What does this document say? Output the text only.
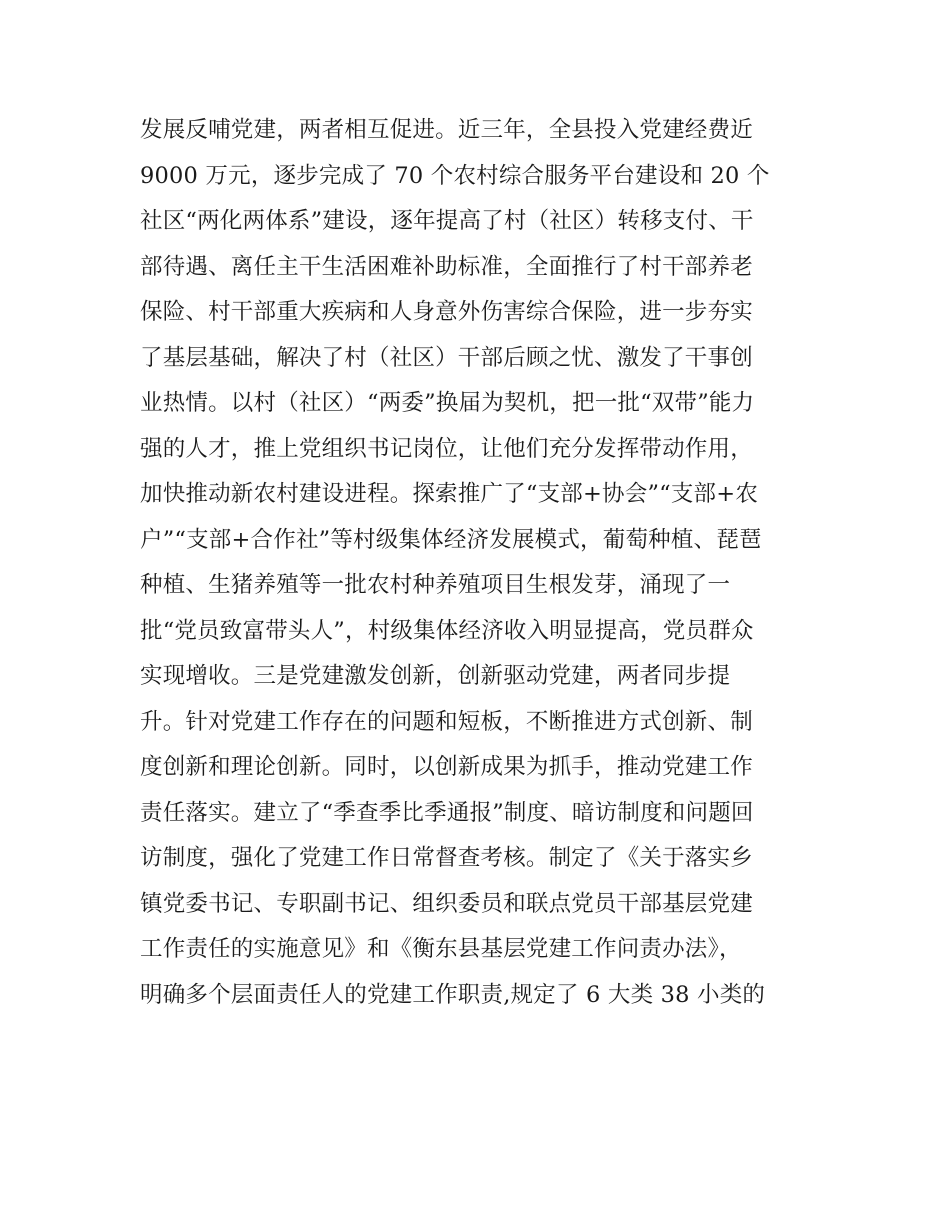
发展反哺党建，两者相互促进。近三年，全县投入党建经费近
9000 万元，逐步完成了 70 个农村综合服务平台建设和 20 个
社区“两化两体系”建设，逐年提高了村（社区）转移支付、干
部待遇、离任主干生活困难补助标准，全面推行了村干部养老
保险、村干部重大疾病和人身意外伤害综合保险，进一步夯实
了基层基础，解决了村（社区）干部后顾之忧、激发了干事创
业热情。以村（社区）“两委”换届为契机，把一批“双带”能力
强的人才，推上党组织书记岗位，让他们充分发挥带动作用，
加快推动新农村建设进程。探索推广了“支部+协会”“支部+农
户”“支部+合作社”等村级集体经济发展模式，葡萄种植、琵琶
种植、生猪养殖等一批农村种养殖项目生根发芽，涌现了一
批“党员致富带头人”，村级集体经济收入明显提高，党员群众
实现增收。三是党建激发创新，创新驱动党建，两者同步提
升。针对党建工作存在的问题和短板，不断推进方式创新、制
度创新和理论创新。同时，以创新成果为抓手，推动党建工作
责任落实。建立了“季查季比季通报”制度、暗访制度和问题回
访制度，强化了党建工作日常督查考核。制定了《关于落实乡
镇党委书记、专职副书记、组织委员和联点党员干部基层党建
工作责任的实施意见》和《衡东县基层党建工作问责办法》，
明确多个层面责任人的党建工作职责,规定了 6 大类 38 小类的
